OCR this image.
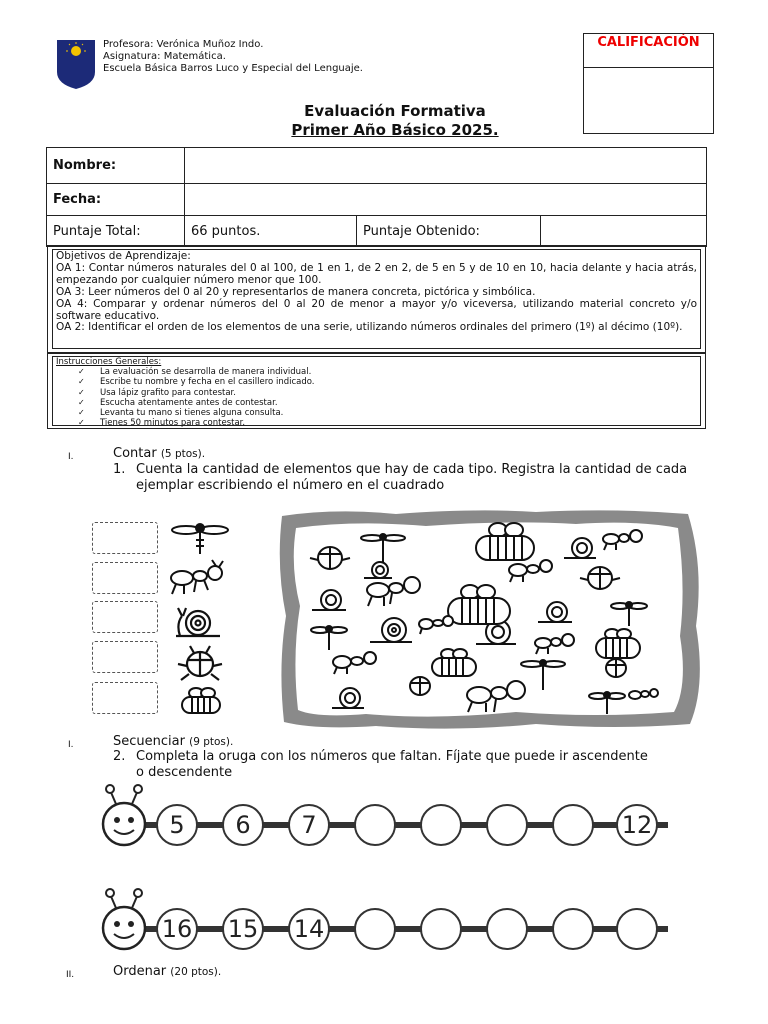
Profesora: Verónica Muñoz Indo.
Asignatura: Matemática.
Escuela Básica Barros Luco y Especial del Lenguaje.
CALIFICACIÓN
Evaluación Formativa
Primer Año Básico 2025.
Nombre:			
Fecha:			
Puntaje Total:	66 puntos.	Puntaje Obtenido:	
Objetivos de Aprendizaje:
OA 1: Contar números naturales del 0 al 100, de 1 en 1, de 2 en 2, de 5 en 5 y de 10 en 10, hacia delante y hacia atrás, empezando por cualquier número menor que 100.
OA 3: Leer números del 0 al 20 y representarlos de manera concreta, pictórica y simbólica.
OA 4: Comparar y ordenar números del 0 al 20 de menor a mayor y/o viceversa, utilizando material concreto y/o software educativo.
OA 2: Identificar el orden de los elementos de una serie, utilizando números ordinales del primero (1º) al décimo (10º).
Instrucciones Generales:
✓ La evaluación se desarrolla de manera individual.
✓ Escribe tu nombre y fecha en el casillero indicado.
✓ Usa lápiz grafito para contestar.
✓ Escucha atentamente antes de contestar.
✓ Levanta tu mano si tienes alguna consulta.
✓ Tienes 50 minutos para contestar.
I.	Contar (5 ptos).
1. Cuenta la cantidad de elementos que hay de cada tipo. Registra la cantidad de cada ejemplar escribiendo el número en el cuadrado
I.	Secuenciar (9 ptos).
2. Completa la oruga con los números que faltan. Fíjate que puede ir ascendente o descendente
5	6	7	12
16 15 14
II.	Ordenar (20 ptos).
